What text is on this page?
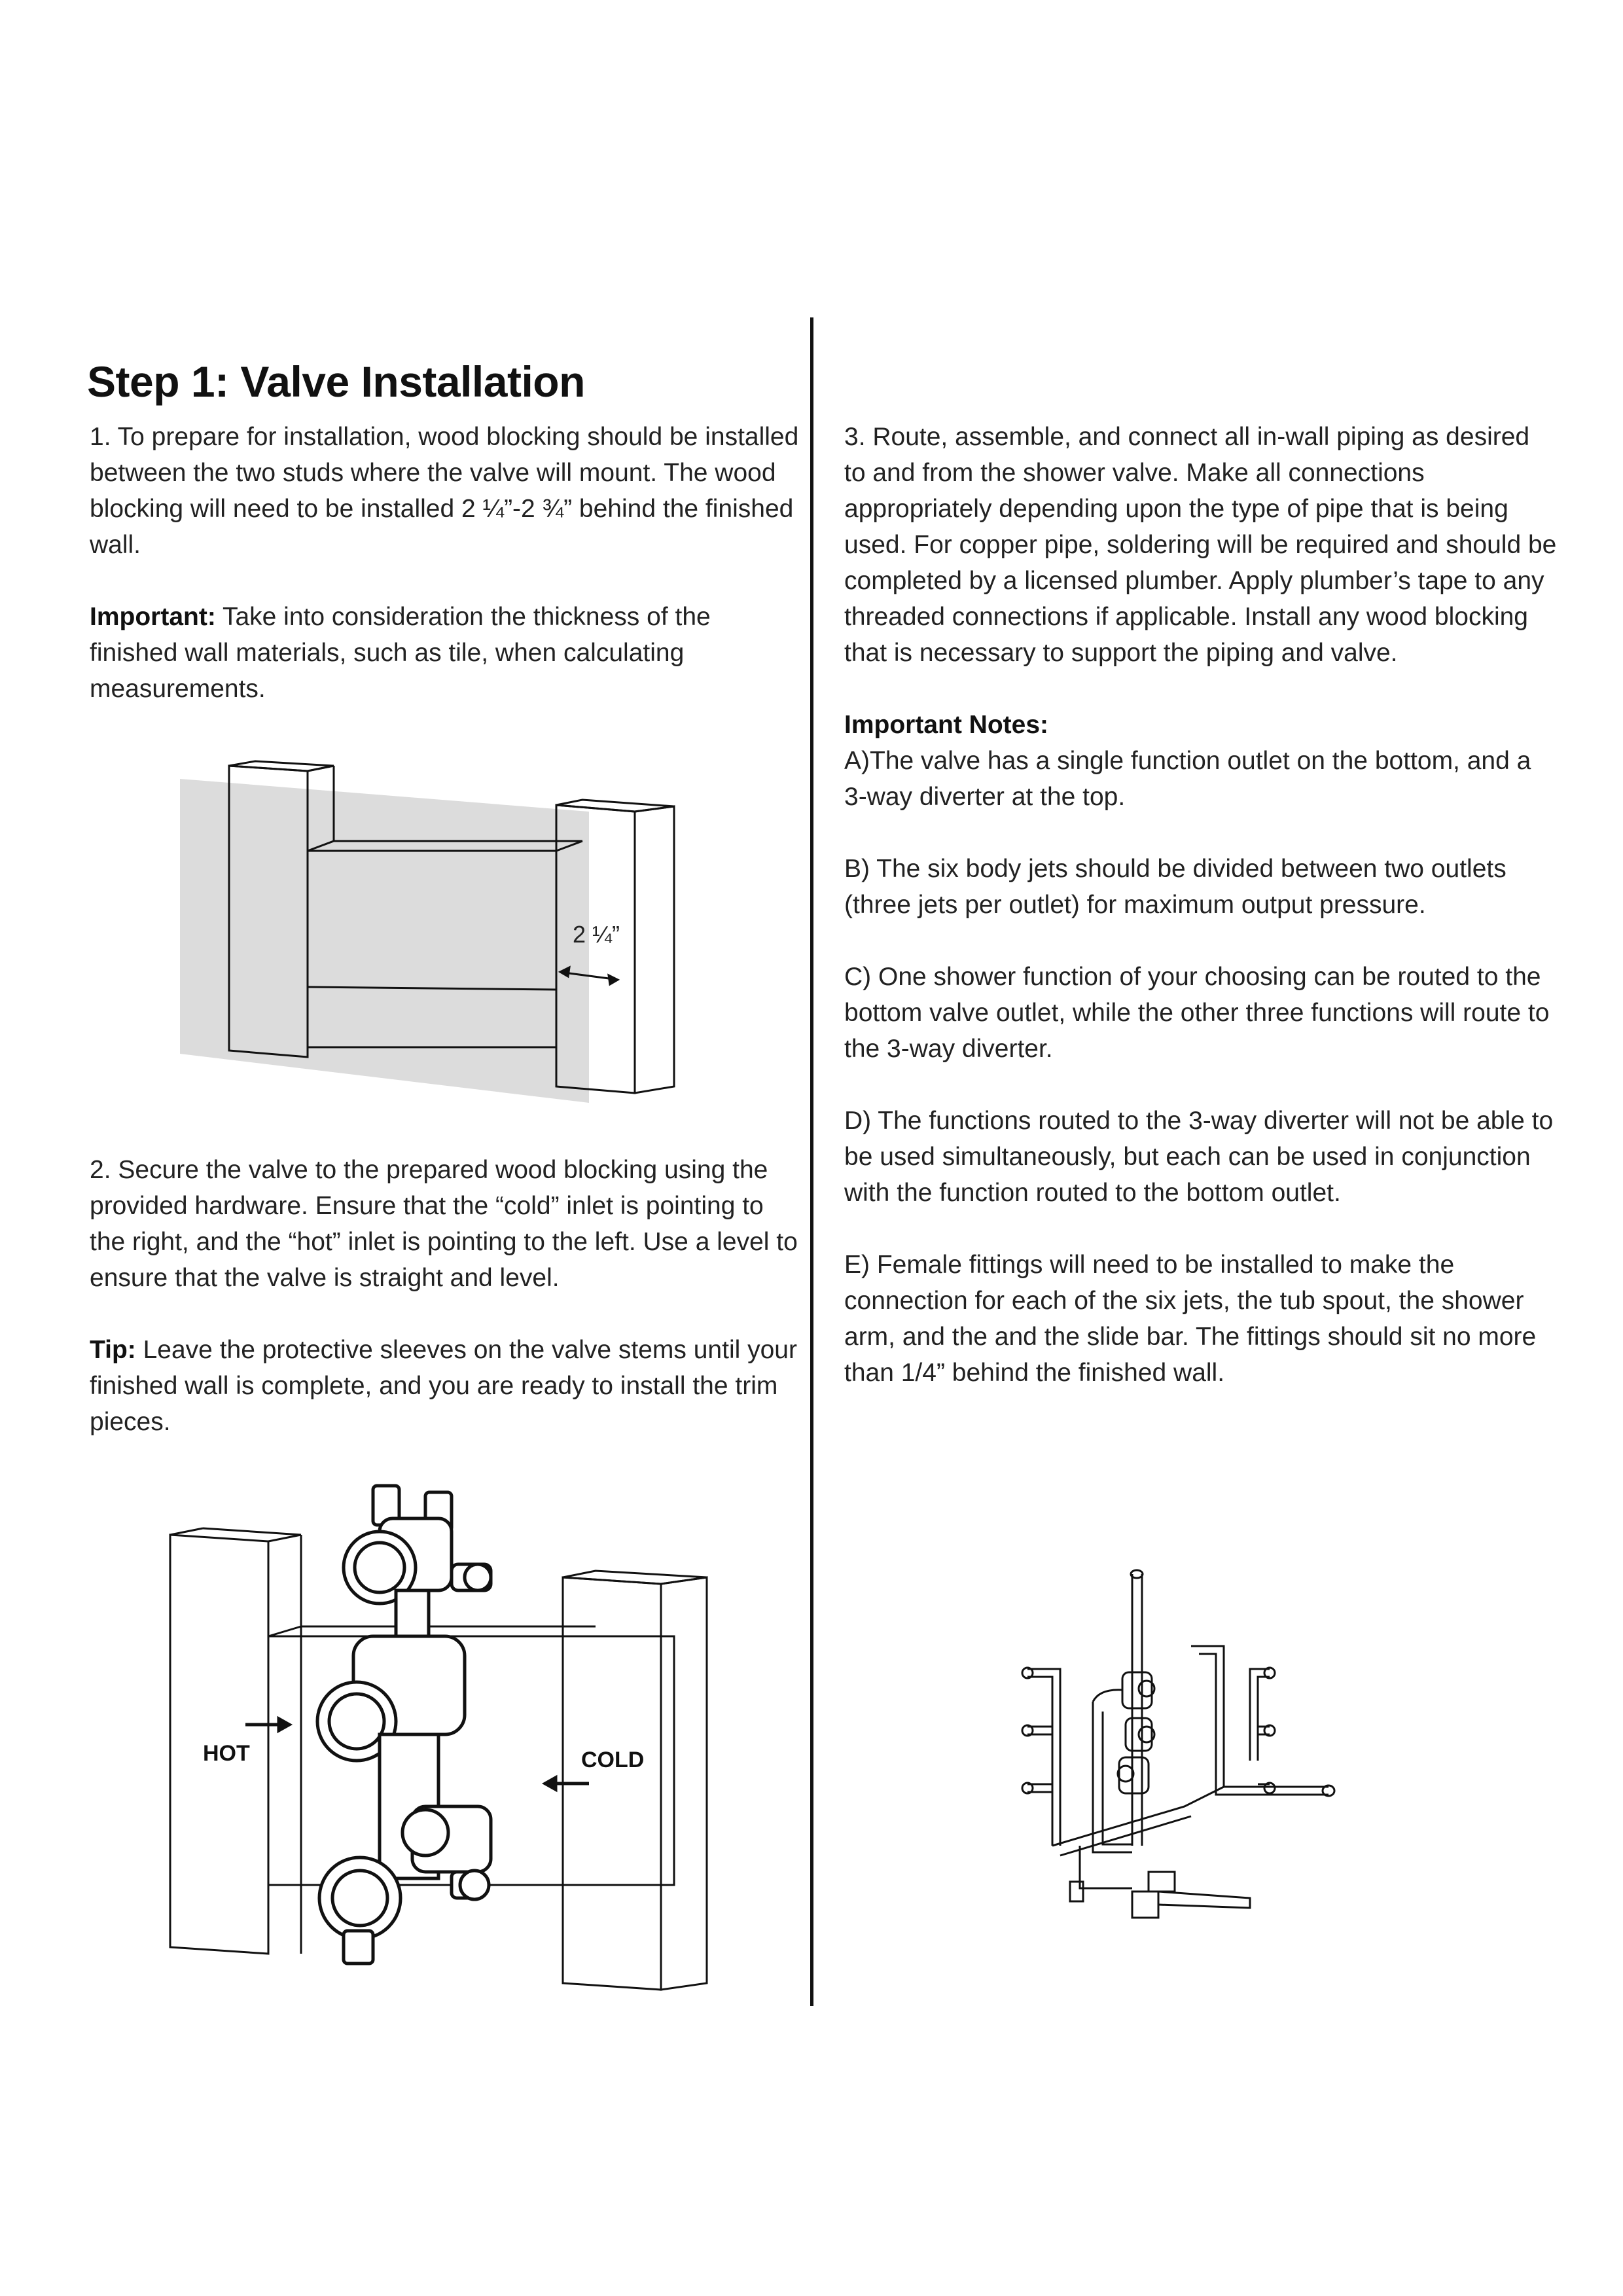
Step 1: Valve Installation

1. To prepare for installation, wood blocking should be installed between the two studs where the valve will mount. The wood blocking will need to be installed 2 ¼”-2 ¾” behind the finished wall.

Important: Take into consideration the thickness of the finished wall materials, such as tile, when calculating measurements.

2 ¼”

2. Secure the valve to the prepared wood blocking using the provided hardware. Ensure that the “cold” inlet is pointing to the right, and the “hot” inlet is pointing to the left. Use a level to ensure that the valve is straight and level.

Tip: Leave the protective sleeves on the valve stems until your finished wall is complete, and you are ready to install the trim pieces.

HOT	COLD

3. Route, assemble, and connect all in-wall piping as desired to and from the shower valve. Make all connections appropriately depending upon the type of pipe that is being used. For copper pipe, soldering will be required and should be completed by a licensed plumber. Apply plumber’s tape to any threaded connections if applicable. Install any wood blocking that is necessary to support the piping and valve.

Important Notes:

A)The valve has a single function outlet on the bottom, and a 3-way diverter at the top.

B) The six body jets should be divided between two outlets (three jets per outlet) for maximum output pressure.

C) One shower function of your choosing can be routed to the bottom valve outlet, while the other three functions will route to the 3-way diverter.

D) The functions routed to the 3-way diverter will not be able to be used simultaneously, but each can be used in conjunction with the function routed to the bottom outlet.

E) Female fittings will need to be installed to make the connection for each of the six jets, the tub spout, the shower arm, and the and the slide bar. The fittings should sit no more than 1/4” behind the finished wall.
